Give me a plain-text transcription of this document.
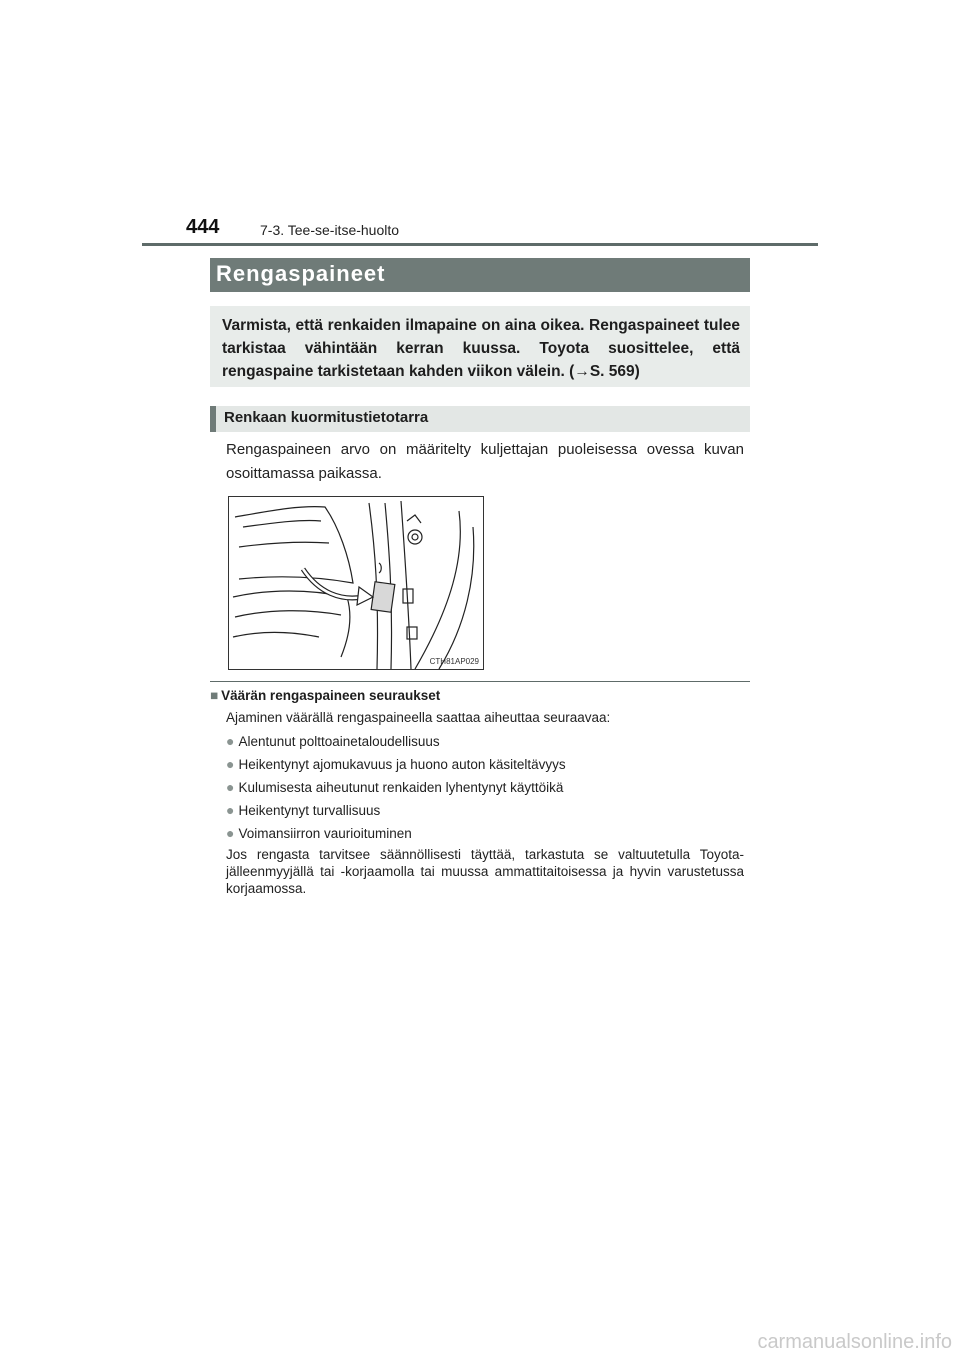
444	7-3. Tee-se-itse-huolto
Rengaspaineet
Varmista, että renkaiden ilmapaine on aina oikea. Rengaspaineet tulee tarkistaa vähintään kerran kuussa. Toyota suosittelee, että rengaspaine tarkistetaan kahden viikon välein. (→S. 569)
Renkaan kuormitustietotarra
Rengaspaineen arvo on määritelty kuljettajan puoleisessa ovessa kuvan osoittamassa paikassa.
CTH81AP029
■ Väärän rengaspaineen seuraukset
Ajaminen väärällä rengaspaineella saattaa aiheuttaa seuraavaa:
● Alentunut polttoainetaloudellisuus
● Heikentynyt ajomukavuus ja huono auton käsiteltävyys
● Kulumisesta aiheutunut renkaiden lyhentynyt käyttöikä
● Heikentynyt turvallisuus
● Voimansiirron vaurioituminen
Jos rengasta tarvitsee säännöllisesti täyttää, tarkastuta se valtuutetulla Toyota-jälleenmyyjällä tai -korjaamolla tai muussa ammattitaitoisessa ja hyvin varustetussa korjaamossa.
carmanualsonline.info
